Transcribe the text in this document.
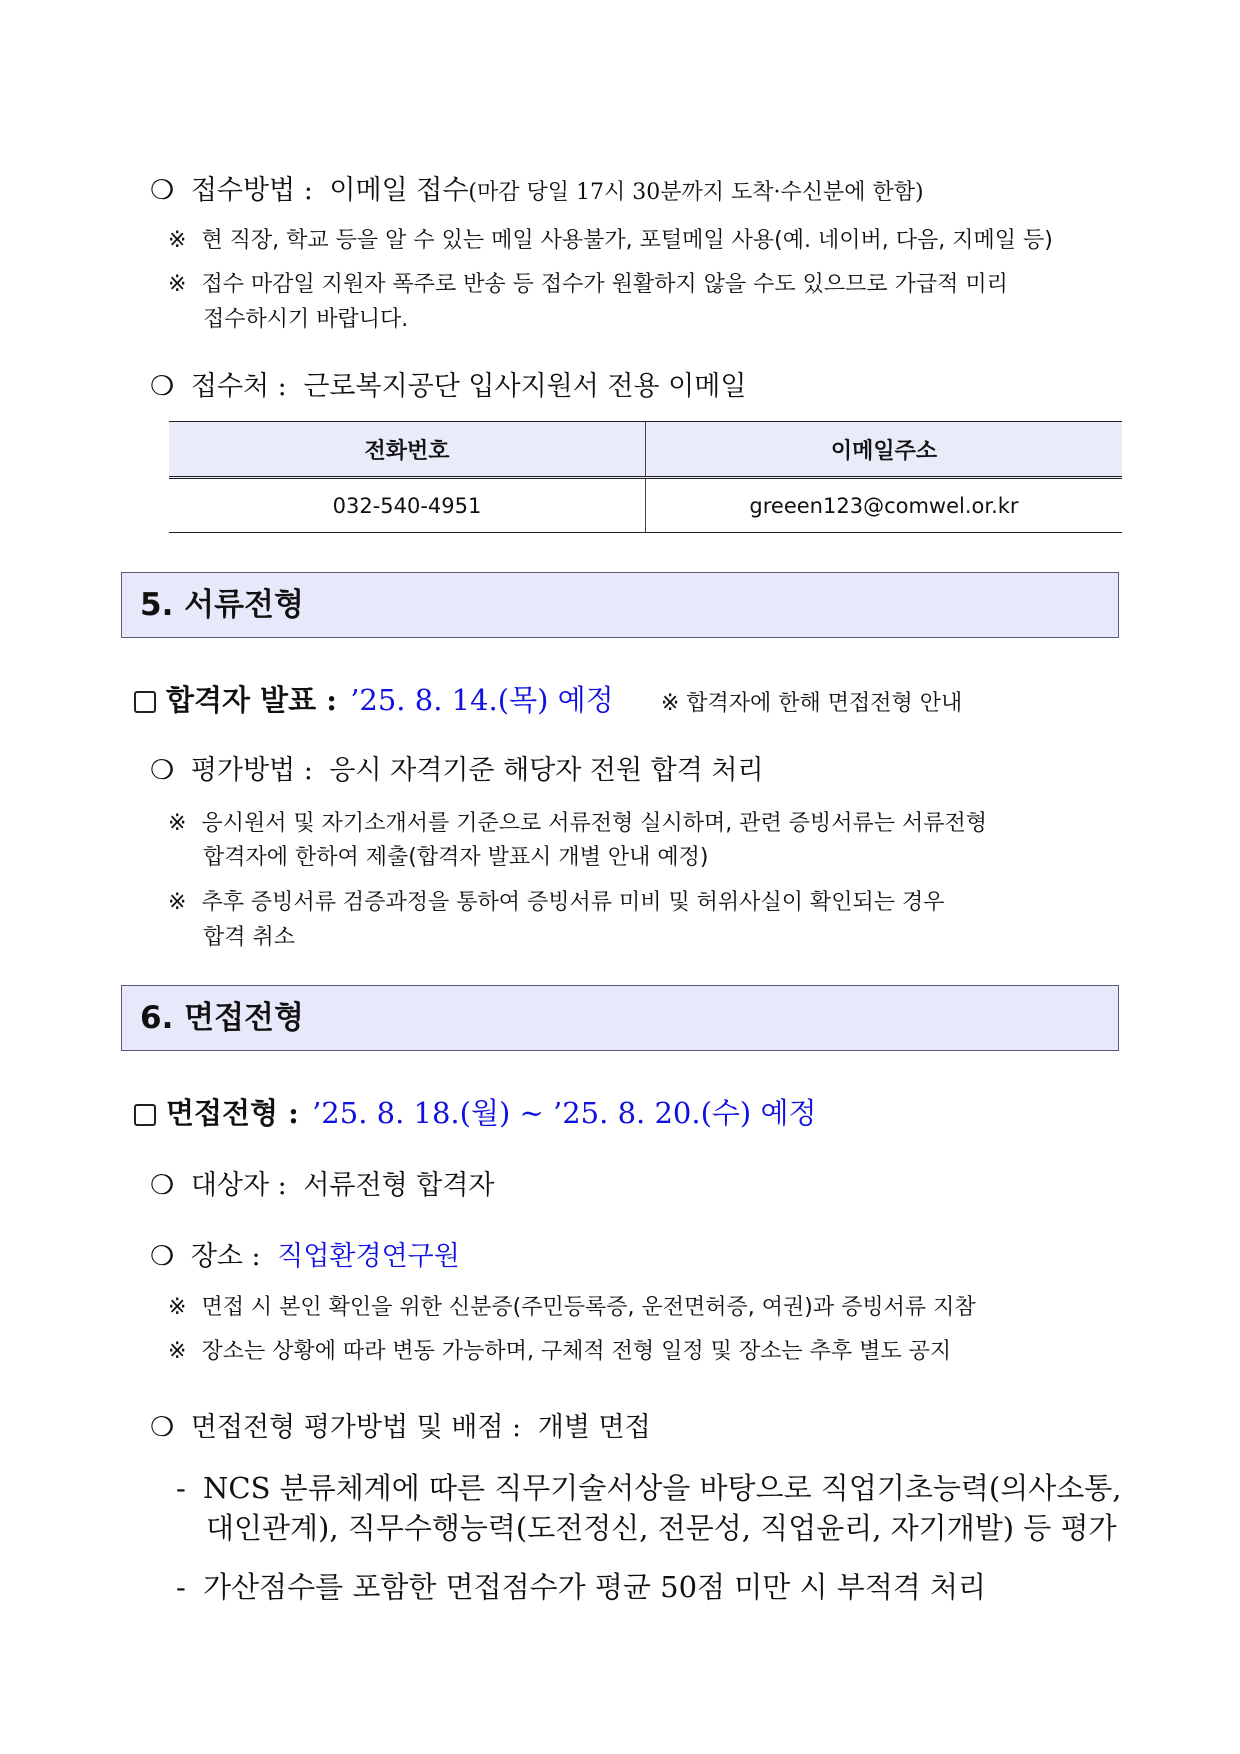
❍ 접수방법 : 이메일 접수(마감 당일 17시 30분까지 도착·수신분에 한함)
※ 현 직장, 학교 등을 알 수 있는 메일 사용불가, 포털메일 사용(예. 네이버, 다음, 지메일 등)
※ 접수 마감일 지원자 폭주로 반송 등 접수가 원활하지 않을 수도 있으므로 가급적 미리
접수하시기 바랍니다.
❍ 접수처 : 근로복지공단 입사지원서 전용 이메일
전화번호	이메일주소
032-540-4951	greeen123@comwel.or.kr
5. 서류전형
합격자 발표 : ’25. 8. 14.(목) 예정 ※ 합격자에 한해 면접전형 안내
❍ 평가방법 : 응시 자격기준 해당자 전원 합격 처리
※ 응시원서 및 자기소개서를 기준으로 서류전형 실시하며, 관련 증빙서류는 서류전형
합격자에 한하여 제출(합격자 발표시 개별 안내 예정)
※ 추후 증빙서류 검증과정을 통하여 증빙서류 미비 및 허위사실이 확인되는 경우
합격 취소
6. 면접전형
면접전형 : ’25. 8. 18.(월) ~ ’25. 8. 20.(수) 예정
❍ 대상자 : 서류전형 합격자
❍ 장소 : 직업환경연구원
※ 면접 시 본인 확인을 위한 신분증(주민등록증, 운전면허증, 여권)과 증빙서류 지참
※ 장소는 상황에 따라 변동 가능하며, 구체적 전형 일정 및 장소는 추후 별도 공지
❍ 면접전형 평가방법 및 배점 : 개별 면접
- NCS 분류체계에 따른 직무기술서상을 바탕으로 직업기초능력(의사소통,
대인관계), 직무수행능력(도전정신, 전문성, 직업윤리, 자기개발) 등 평가
- 가산점수를 포함한 면접점수가 평균 50점 미만 시 부적격 처리
